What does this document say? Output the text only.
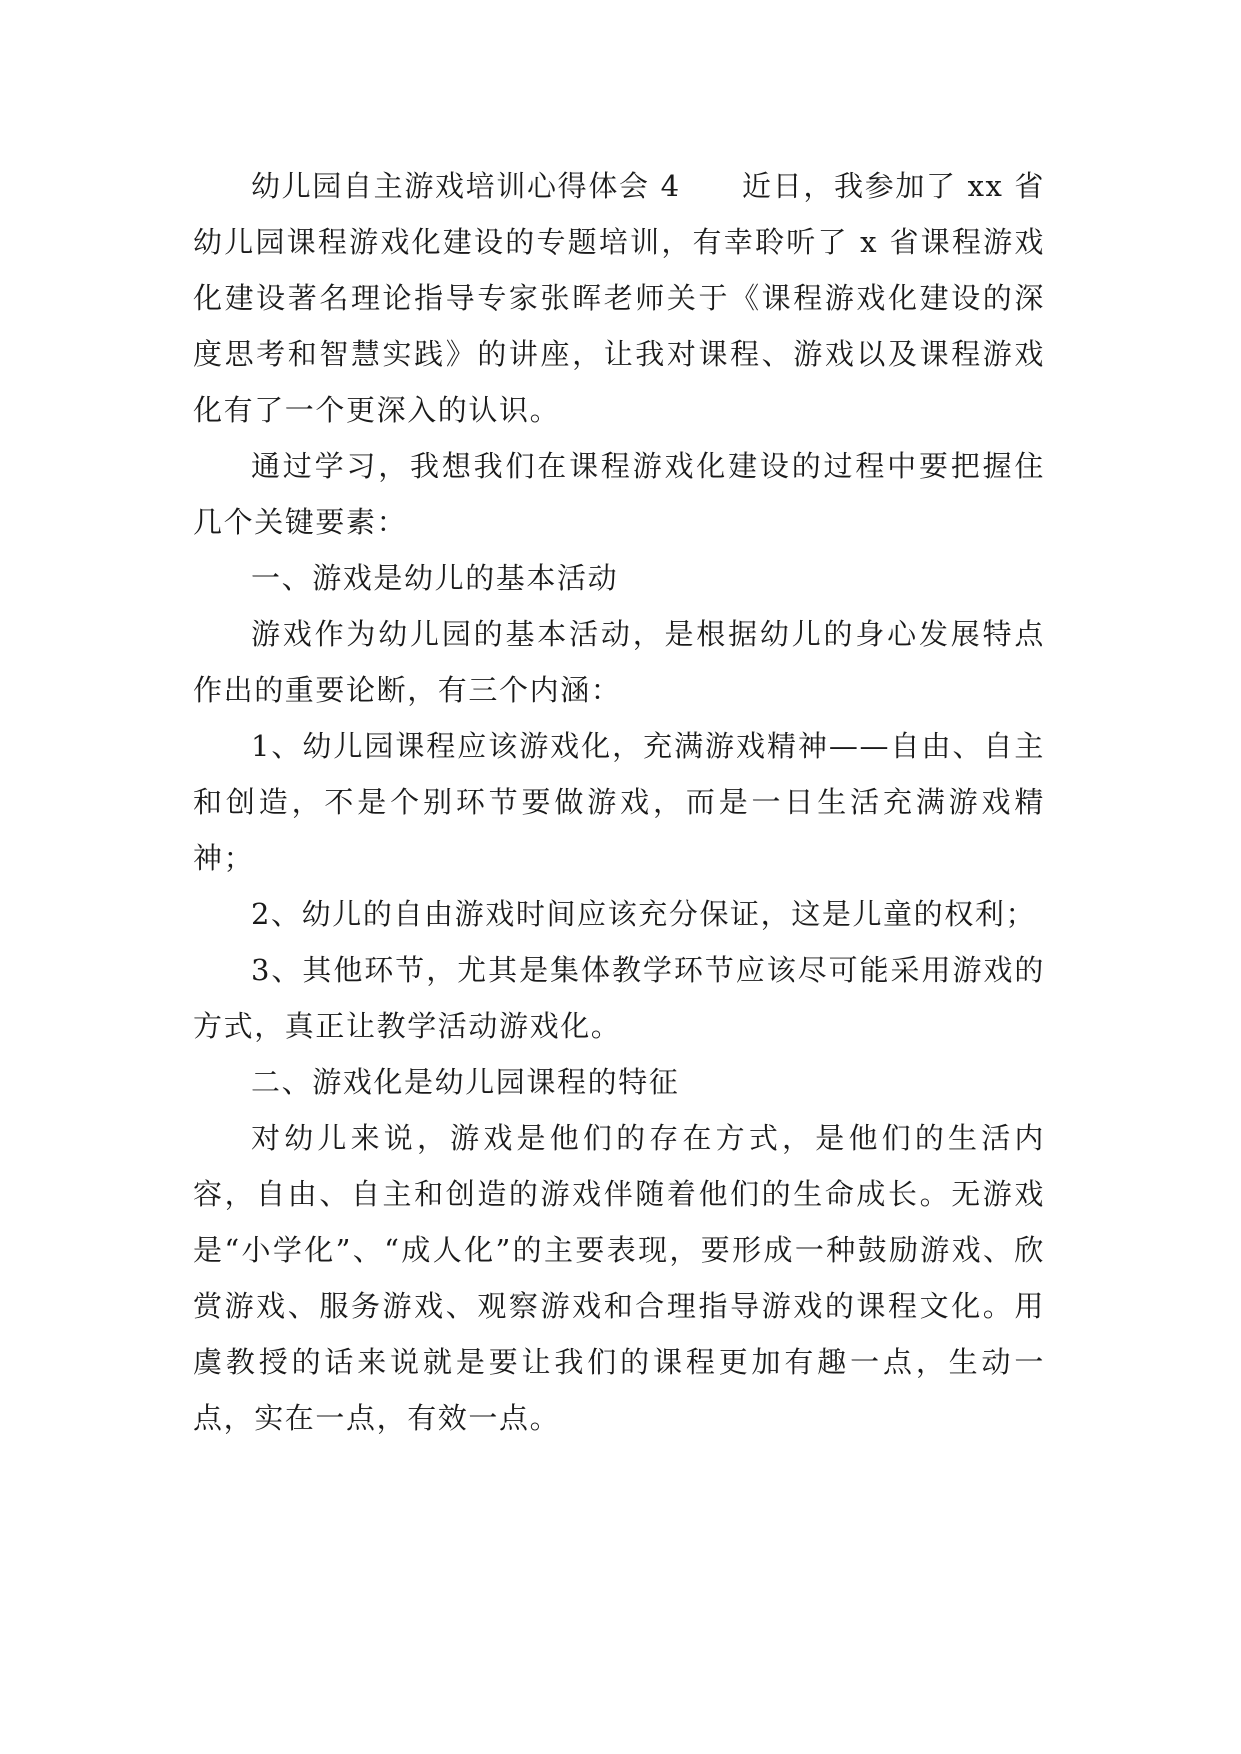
幼儿园自主游戏培训心得体会 4　　近日，我参加了 xx 省幼儿园课程游戏化建设的专题培训，有幸聆听了 x 省课程游戏化建设著名理论指导专家张晖老师关于《课程游戏化建设的深度思考和智慧实践》的讲座，让我对课程、游戏以及课程游戏化有了一个更深入的认识。

通过学习，我想我们在课程游戏化建设的过程中要把握住几个关键要素：

一、游戏是幼儿的基本活动

游戏作为幼儿园的基本活动，是根据幼儿的身心发展特点作出的重要论断，有三个内涵：

1、幼儿园课程应该游戏化，充满游戏精神——自由、自主和创造，不是个别环节要做游戏，而是一日生活充满游戏精神；

2、幼儿的自由游戏时间应该充分保证，这是儿童的权利；

3、其他环节，尤其是集体教学环节应该尽可能采用游戏的方式，真正让教学活动游戏化。

二、游戏化是幼儿园课程的特征

对幼儿来说，游戏是他们的存在方式，是他们的生活内容，自由、自主和创造的游戏伴随着他们的生命成长。无游戏是“小学化”、“成人化”的主要表现，要形成一种鼓励游戏、欣赏游戏、服务游戏、观察游戏和合理指导游戏的课程文化。用虞教授的话来说就是要让我们的课程更加有趣一点，生动一点，实在一点，有效一点。
